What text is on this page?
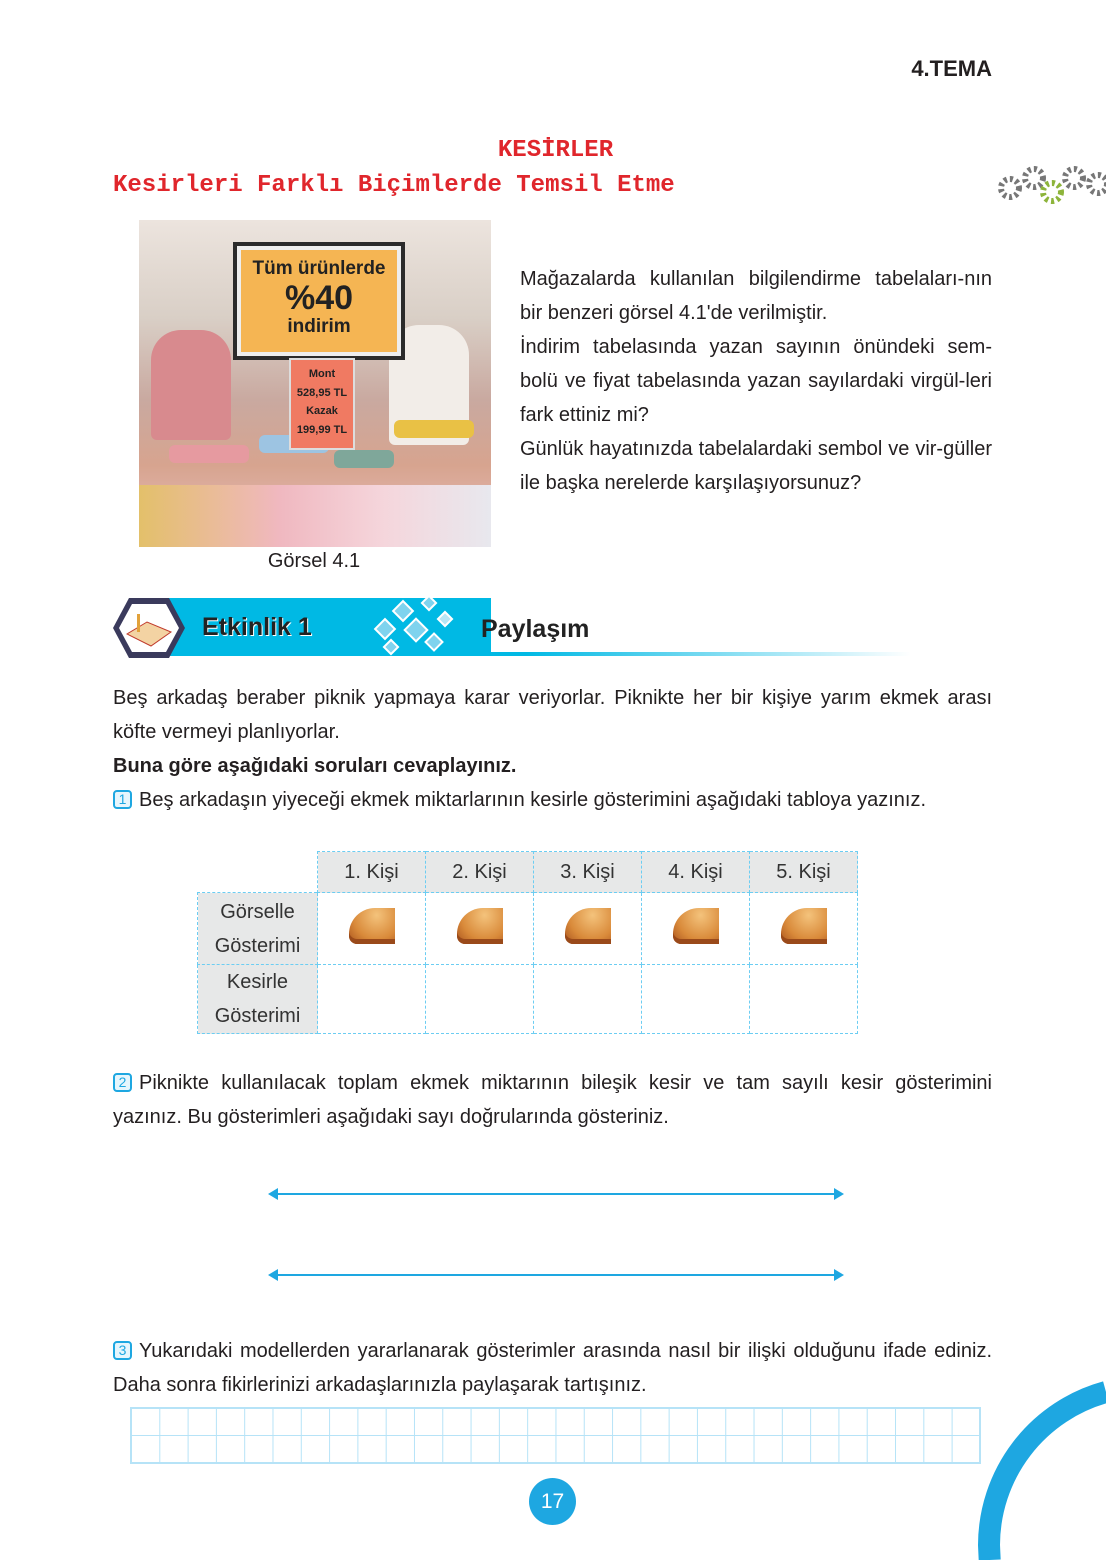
4.TEMA
KESİRLER
Kesirleri Farklı Biçimlerde Temsil Etme
Tüm ürünlerde
%40
indirim
Mont
528,95 TL
Kazak
199,99 TL
Görsel 4.1

Mağazalarda kullanılan bilgilendirme tabelaları-nın bir benzeri görsel 4.1'de verilmiştir.

İndirim tabelasında yazan sayının önündeki sem-bolü ve fiyat tabelasında yazan sayılardaki virgül-leri fark ettiniz mi?

Günlük hayatınızda tabelalardaki sembol ve vir-güller ile başka nerelerde karşılaşıyorsunuz?

Etkinlik 1	Paylaşım

Beş arkadaş beraber piknik yapmaya karar veriyorlar. Piknikte her bir kişiye yarım ekmek arası köfte vermeyi planlıyorlar.

Buna göre aşağıdaki soruları cevaplayınız.

1 Beş arkadaşın yiyeceği ekmek miktarlarının kesirle gösterimini aşağıdaki tabloya yazınız.

	1. Kişi	2. Kişi	3. Kişi	4. Kişi	5. Kişi

Görselle
Gösterimi					

Kesirle
Gösterimi					

2 Piknikte kullanılacak toplam ekmek miktarının bileşik kesir ve tam sayılı kesir gösterimini yazınız. Bu gösterimleri aşağıdaki sayı doğrularında gösteriniz.

3 Yukarıdaki modellerden yararlanarak gösterimler arasında nasıl bir ilişki olduğunu ifade ediniz. Daha sonra fikirlerinizi arkadaşlarınızla paylaşarak tartışınız.

17
